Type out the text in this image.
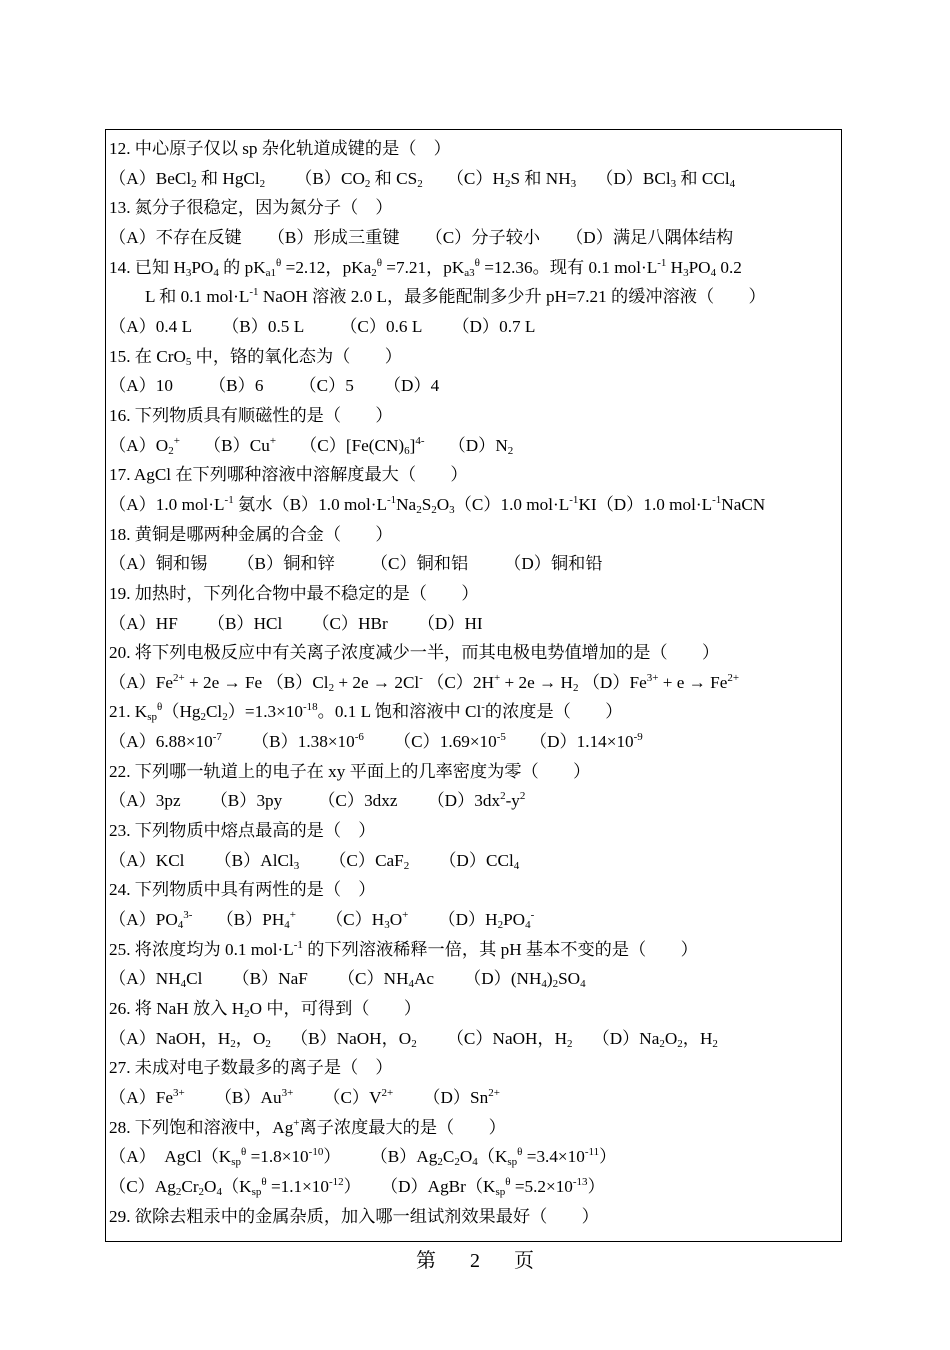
12. 中心原子仅以 sp 杂化轨道成键的是（　）
（A）BeCl$_2$ 和 HgCl$_2$ $(B)CO_2$ 和 $CS_2$ $(C)H_2S$ 和 $NH_3$ （D）BCl$_3$ 和 CCl$_4$
13. 氮分子很稳定，因为氮分子（　）
（A）不存在反键 （B）形成三重键 （C）分子较小 （D）满足八隅体结构
14. 已知 $H_3PO_4$ 的 $pK_{a1}^\theta =2.12$，pKa$_2^\theta$ =7.21，$pK_{a3}^\theta =12.36$。现有 0.1 $mol\cdot L^{-1}$ $H_3PO_4$ 0.2
L 和 0.1 $mol\cdot L^{-1}$ NaOH 溶液 2.0 L，最多能配制多少升 pH=7.21 的缓冲溶液（　　）
（A）0.4 L （B）0.5 L （C）0.6 L （D）0.7 L
15. 在 CrO$_5$ 中，铬的氧化态为（　　）
（A）10 （B）6 （C）5 （D）4
16. 下列物质具有顺磁性的是（　　）
$(A)O_2^+$ （B）Cu+ $(C)[Fe(CN)_6]^{4-}$ $(D)N_2$
17. AgCl 在下列哪种溶液中溶解度最大（　　）
（A）1.0 $mol\cdot L^{-1}$ 氨水（B）1.0 $mol\cdot L^{-1}Na_2S_2O_3(C)1.0$ $mol\cdot L^{-1}KI(D)1.0$ $mol\cdot L^{-1}NaCN$
18. 黄铜是哪两种金属的合金（　　）
（A）铜和锡 （B）铜和锌 （C）铜和铝 （D）铜和铅
19. 加热时，下列化合物中最不稳定的是（　　）
（A）HF （B）HCl （C）HBr （D）HI
20. 将下列电极反应中有关离子浓度减少一半，而其电极电势值增加的是（　　）
$(A)Fe^{2+} + 2e \to Fe$ $(B)Cl_2 + 2e \to 2Cl^-$ $(C)2H^+ + 2e \to H_2$ $(D)Fe^{3+} + e \to Fe^{2+}$
21. $K_{sp}^\theta(Hg_2Cl_2)=1.3\times 10^{-18}$。0.1 L 饱和溶液中 Cl-的浓度是（　　）
$(A)6.88\times 10^{-7}$ $(B)1.38\times 10^{-6}$ $(C)1.69\times 10^{-5}$ $(D)1.14\times 10^{-9}$
22. 下列哪一轨道上的电子在 xy 平面上的几率密度为零（　　）
（A）3pz （B）3py （C）3dxz $(D)3dx^2-y^2$
23. 下列物质中熔点最高的是（　）
（A）KCl （B）AlCl$_3$ （C）CaF$_2$ （D）CCl$_4$
24. 下列物质中具有两性的是（　）
$(A)PO_4^{3-}$ $(B)PH_4^+$ $(C)H_3O^+$ $(D)H_2PO_4^-$
25. 将浓度均为 0.1 $mol\cdot L^{-1}$ 的下列溶液稀释一倍，其 pH 基本不变的是（　　）
$(A)NH_4Cl$ （B）NaF $(C)NH_4Ac$ $(D)(NH_4)_2SO_4$
26. 将 NaH 放入 $H_2O$ 中，可得到（　　）
（A）NaOH，$H_2$，$O_2$ （B）NaOH，$O_2$ （C）NaOH，$H_2$ $(D)Na_2O_2$，$H_2$
27. 未成对电子数最多的离子是（　）
$(A)Fe^{3+}$ $(B)Au^{3+}$ $(C)V^{2+}$ $(D)Sn^{2+}$
28. 下列饱和溶液中，Ag+离子浓度最大的是（　　）
（A）　$AgCl(K_{sp}^\theta =1.8\times 10^{-10})$ $(B)Ag_2C_2O_4(K_{sp}^\theta =3.4\times 10^{-11})$
$(C)Ag_2Cr_2O_4(K_{sp}^\theta =1.1\times 10^{-12})$ $(D)AgBr(K_{sp}^\theta =5.2\times 10^{-13})$
29. 欲除去粗汞中的金属杂质，加入哪一组试剂效果最好（　　）
第 2 页
